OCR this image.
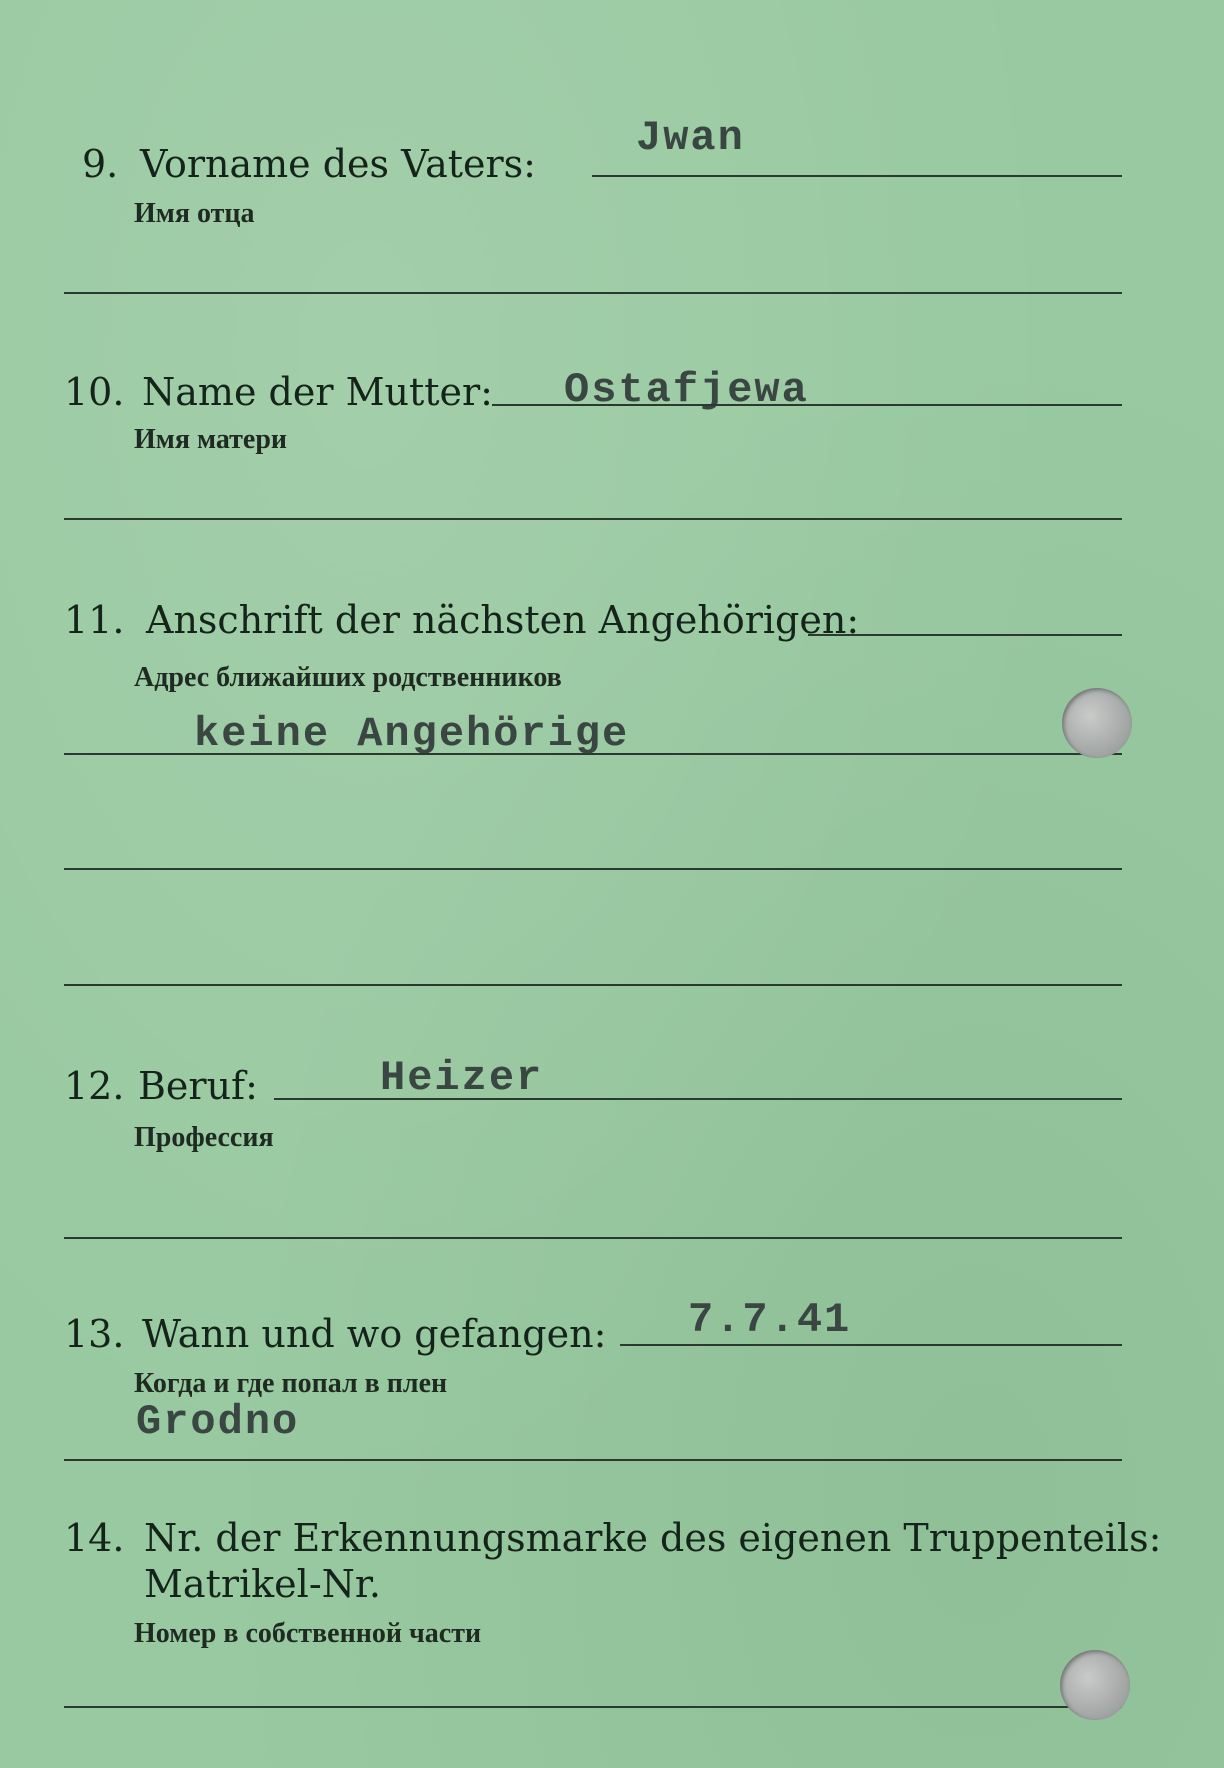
9. Vorname des Vaters:
Имя отца
Jwan
10. Name der Mutter:
Имя матери
Ostafjewa
11. Anschrift der nächsten Angehörigen:
Адрес ближайших родственников
keine Angehörige
12. Beruf:
Профессия
Heizer
13. Wann und wo gefangen:
Когда и где попал в плен
7.7.41
Grodno
14. Nr. der Erkennungsmarke des eigenen Truppenteils:
Matrikel-Nr.
Номер в собственной части
